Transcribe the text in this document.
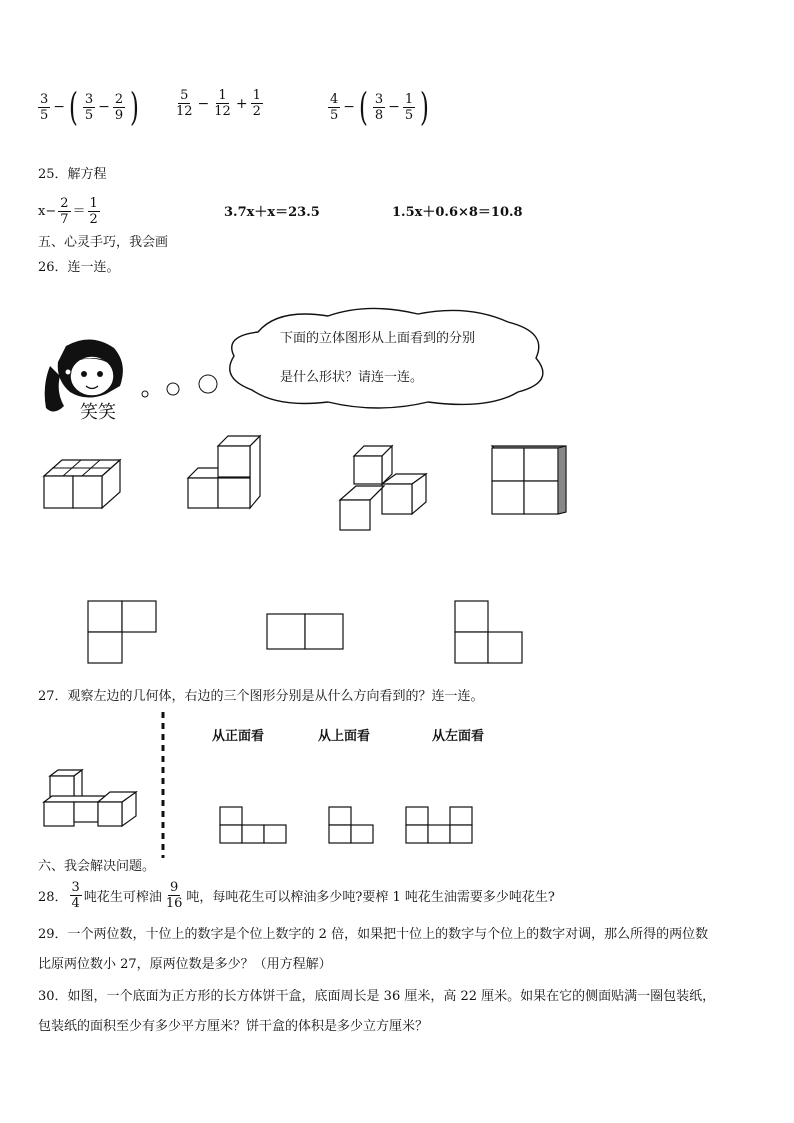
$\frac{3}{5}$ − ( $\frac{3}{5} - \frac{2}{9}$ )	$\frac{5}{12} - \frac{1}{12} + \frac{1}{2}$	$\frac{4}{5}$ − ( $\frac{3}{8} - \frac{1}{5}$ )
25．解方程
$x- \frac{2}{7} = \frac{1}{2}$	3.7x＋x＝23.5	1.5x＋0.6×8＝10.8
五、心灵手巧，我会画
26．连一连。
笑笑
下面的立体图形从上面看到的分别
是什么形状？请连一连。
27．观察左边的几何体，右边的三个图形分别是从什么方向看到的？连一连。
从正面看	从上面看	从左面看
六、我会解决问题。
28． $\frac{3}{4}$ 吨花生可榨油 $\frac{9}{16}$ 吨，每吨花生可以榨油多少吨?要榨 1 吨花生油需要多少吨花生?
29．一个两位数，十位上的数字是个位上数字的 2 倍，如果把十位上的数字与个位上的数字对调，那么所得的两位数
比原两位数小 27，原两位数是多少？（用方程解）
30．如图，一个底面为正方形的长方体饼干盒，底面周长是 36 厘米，高 22 厘米。如果在它的侧面贴满一圈包装纸，
包装纸的面积至少有多少平方厘米？饼干盒的体积是多少立方厘米？
